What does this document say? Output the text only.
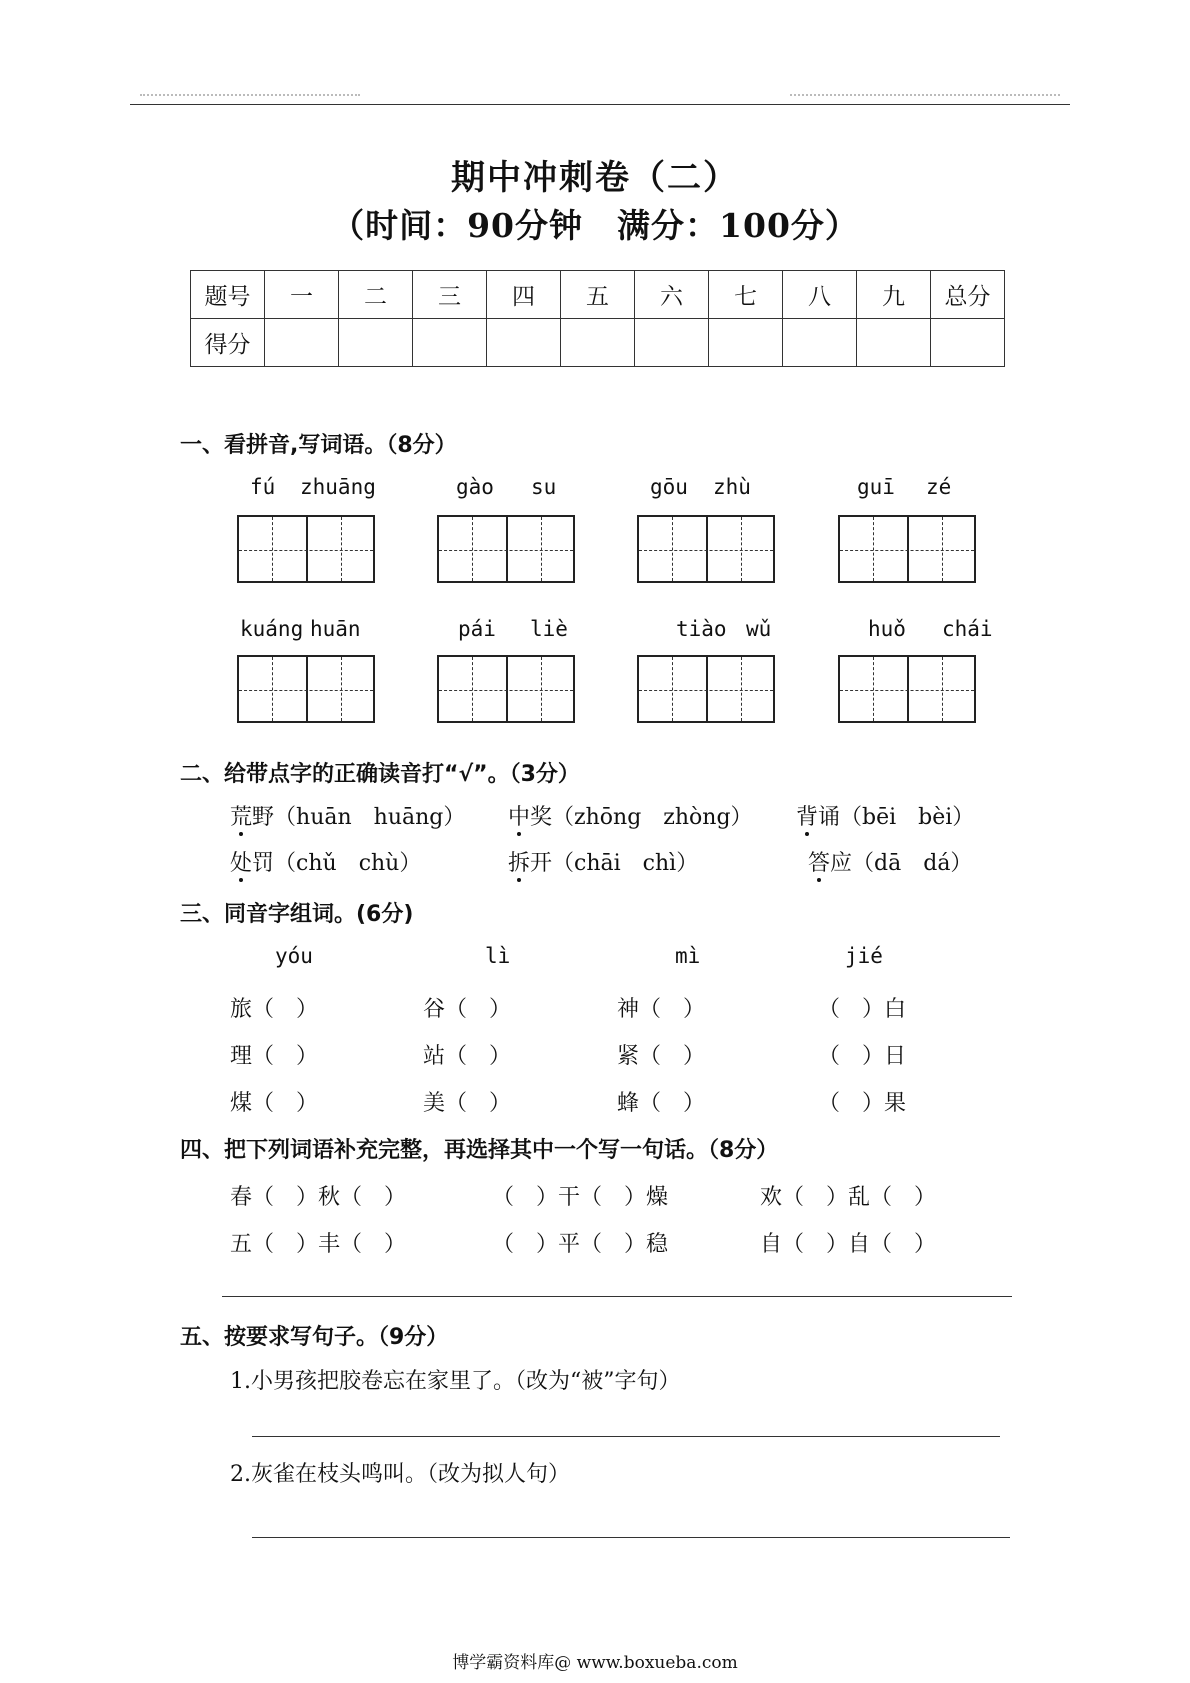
期中冲刺卷（二）
（时间：90分钟　满分：100分）
题号	一	二	三	四	五	六	七	八	九	总分
得分										
一、看拼音,写词语。（8分）
fú zhuāng	gào su	gōu zhù	guī zé
kuáng huān	pái liè	tiào wǔ	huǒ chái
二、给带点字的正确读音打“√”。（3分）
荒野（huān　huāng） 中奖（zhōng　zhòng） 背诵（bēi　bèi）
处罚（chǔ　chù）	拆开（chāi　chì）	答应（dā　dá）
三、同音字组词。(6分)
yóu	lì	mì	jié
旅（　）	谷（　）	神（　）	（　）白
理（　）	站（　）	紧（　）	（　）日
煤（　）	美（　）	蜂（　）	（　）果
四、把下列词语补充完整，再选择其中一个写一句话。（8分）
春（　）秋（　）	（　）干（　）燥	欢（　）乱（　）
五（　）丰（　）	（　）平（　）稳	自（　）自（　）
五、按要求写句子。（9分）
1.小男孩把胶卷忘在家里了。（改为“被”字句）
2.灰雀在枝头鸣叫。（改为拟人句）
博学霸资料库@ www.boxueba.com
